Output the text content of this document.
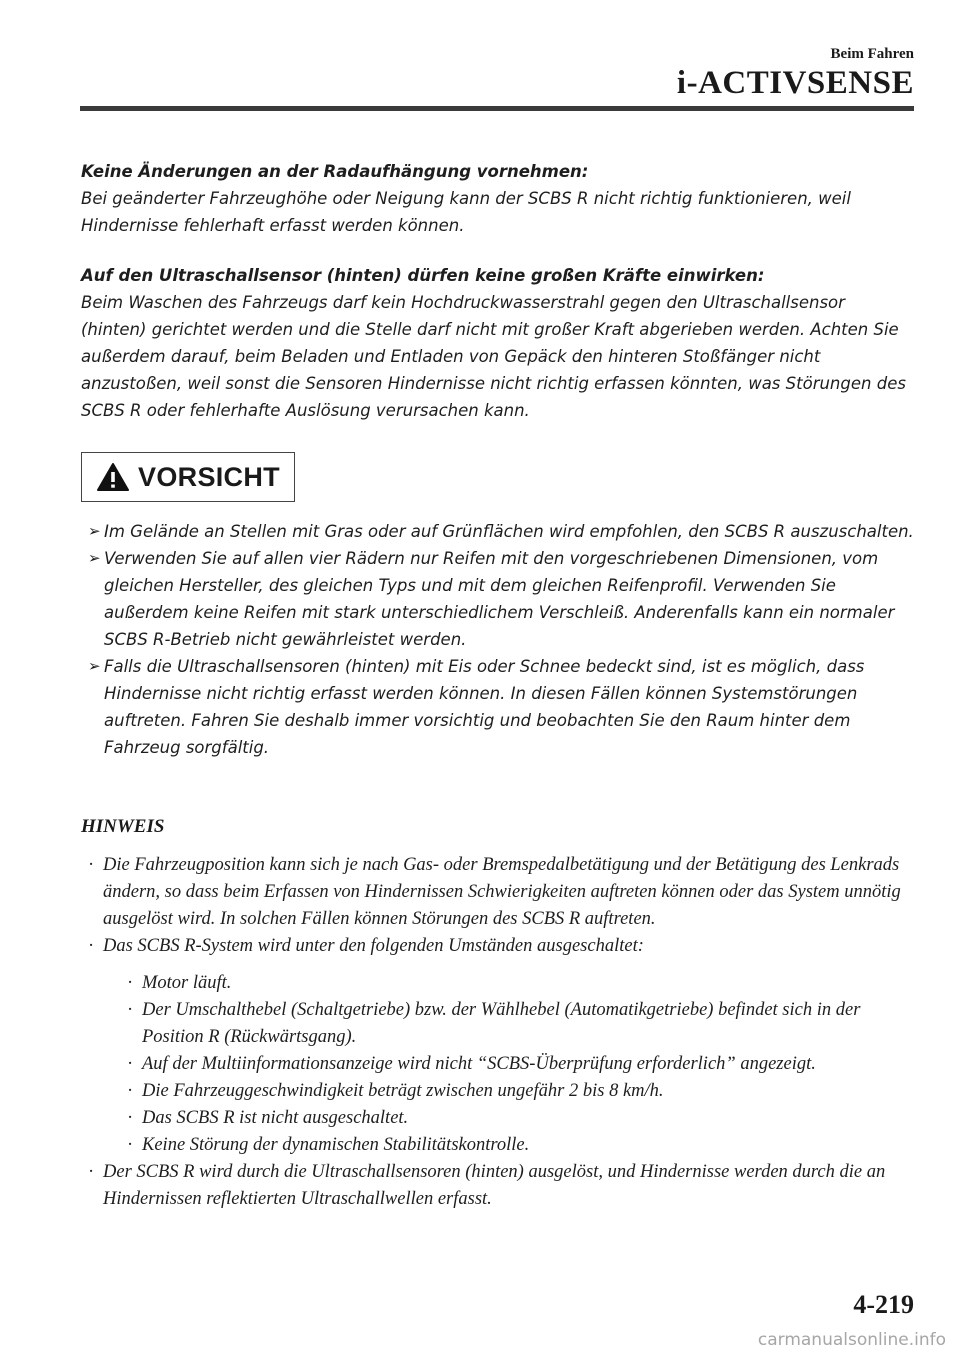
Beim Fahren
i-ACTIVSENSE
Keine Änderungen an der Radaufhängung vornehmen:
Bei geänderter Fahrzeughöhe oder Neigung kann der SCBS R nicht richtig funktionieren, weil Hindernisse fehlerhaft erfasst werden können.
Auf den Ultraschallsensor (hinten) dürfen keine großen Kräfte einwirken:
Beim Waschen des Fahrzeugs darf kein Hochdruckwasserstrahl gegen den Ultraschallsensor (hinten) gerichtet werden und die Stelle darf nicht mit großer Kraft abgerieben werden. Achten Sie außerdem darauf, beim Beladen und Entladen von Gepäck den hinteren Stoßfänger nicht anzustoßen, weil sonst die Sensoren Hindernisse nicht richtig erfassen könnten, was Störungen des SCBS R oder fehlerhafte Auslösung verursachen kann.
VORSICHT
➢ Im Gelände an Stellen mit Gras oder auf Grünflächen wird empfohlen, den SCBS R auszuschalten.
➢ Verwenden Sie auf allen vier Rädern nur Reifen mit den vorgeschriebenen Dimensionen, vom gleichen Hersteller, des gleichen Typs und mit dem gleichen Reifenprofil. Verwenden Sie außerdem keine Reifen mit stark unterschiedlichem Verschleiß. Anderenfalls kann ein normaler SCBS R-Betrieb nicht gewährleistet werden.
➢ Falls die Ultraschallsensoren (hinten) mit Eis oder Schnee bedeckt sind, ist es möglich, dass Hindernisse nicht richtig erfasst werden können. In diesen Fällen können Systemstörungen auftreten. Fahren Sie deshalb immer vorsichtig und beobachten Sie den Raum hinter dem Fahrzeug sorgfältig.
HINWEIS
· Die Fahrzeugposition kann sich je nach Gas- oder Bremspedalbetätigung und der Betätigung des Lenkrads ändern, so dass beim Erfassen von Hindernissen Schwierigkeiten auftreten können oder das System unnötig ausgelöst wird. In solchen Fällen können Störungen des SCBS R auftreten.
· Das SCBS R-System wird unter den folgenden Umständen ausgeschaltet:
· Motor läuft.
· Der Umschalthebel (Schaltgetriebe) bzw. der Wählhebel (Automatikgetriebe) befindet sich in der Position R (Rückwärtsgang).
· Auf der Multiinformationsanzeige wird nicht “SCBS-Überprüfung erforderlich” angezeigt.
· Die Fahrzeuggeschwindigkeit beträgt zwischen ungefähr 2 bis 8 km/h.
· Das SCBS R ist nicht ausgeschaltet.
· Keine Störung der dynamischen Stabilitätskontrolle.
· Der SCBS R wird durch die Ultraschallsensoren (hinten) ausgelöst, und Hindernisse werden durch die an Hindernissen reflektierten Ultraschallwellen erfasst.
4-219
carmanualsonline.info
